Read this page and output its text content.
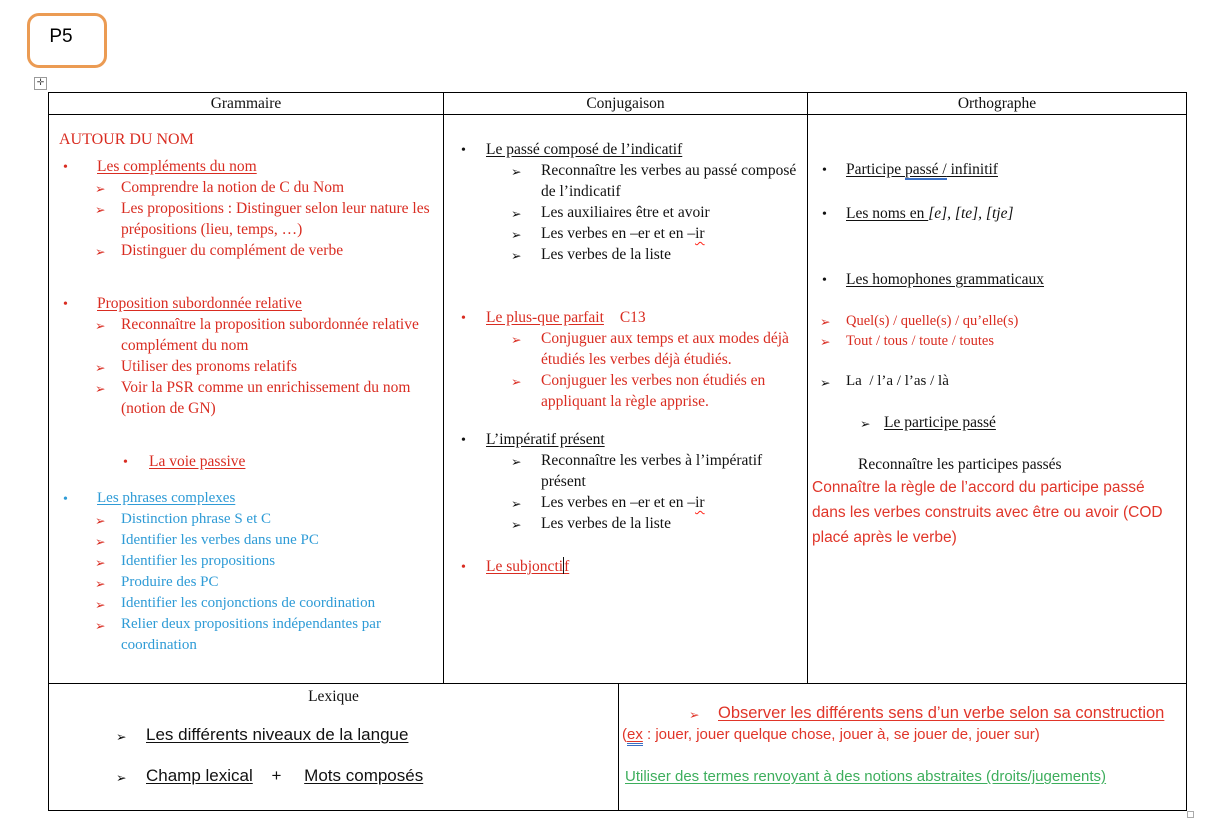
P5
✛
Grammaire	Conjugaison	Orthographe
AUTOUR DU NOM
• Les compléments du nom
➢ Comprendre la notion de C du Nom
➢ Les propositions : Distinguer selon leur nature les prépositions (lieu, temps, …)
➢ Distinguer du complément de verbe
• Proposition subordonnée relative
➢ Reconnaître la proposition subordonnée relative complément du nom
➢ Utiliser des pronoms relatifs
➢ Voir la PSR comme un enrichissement du nom (notion de GN)
• La voie passive
• Les phrases complexes
➢ Distinction phrase S et C
➢ Identifier les verbes dans une PC
➢ Identifier les propositions
➢ Produire des PC
➢ Identifier les conjonctions de coordination
➢ Relier deux propositions indépendantes par coordination
• Le passé composé de l’indicatif
➢ Reconnaître les verbes au passé composé de l’indicatif
➢ Les auxiliaires être et avoir
➢ Les verbes en –er et en –ir
➢ Les verbes de la liste
• Le plus-que parfait C13
➢ Conjuguer aux temps et aux modes déjà étudiés les verbes déjà étudiés.
➢ Conjuguer les verbes non étudiés en appliquant la règle apprise.
• L’impératif présent
➢ Reconnaître les verbes à l’impératif présent
➢ Les verbes en –er et en –ir
➢ Les verbes de la liste
• Le subjonctif
• Participe passé / infinitif
• Les noms en [e], [te], [tje]
• Les homophones grammaticaux
➢ Quel(s) / quelle(s) / qu’elle(s)
➢ Tout / tous / toute / toutes
➢ La  / l’a / l’as / là
➢ Le participe passé
Reconnaître les participes passés
Connaître la règle de l’accord du participe passé dans les verbes construits avec être ou avoir (COD placé après le verbe)
Lexique
➢ Les différents niveaux de la langue
➢ Champ lexical + Mots composés
➢ Observer les différents sens d’un verbe selon sa construction
(ex : jouer, jouer quelque chose, jouer à, se jouer de, jouer sur)
Utiliser des termes renvoyant à des notions abstraites (droits/jugements)
